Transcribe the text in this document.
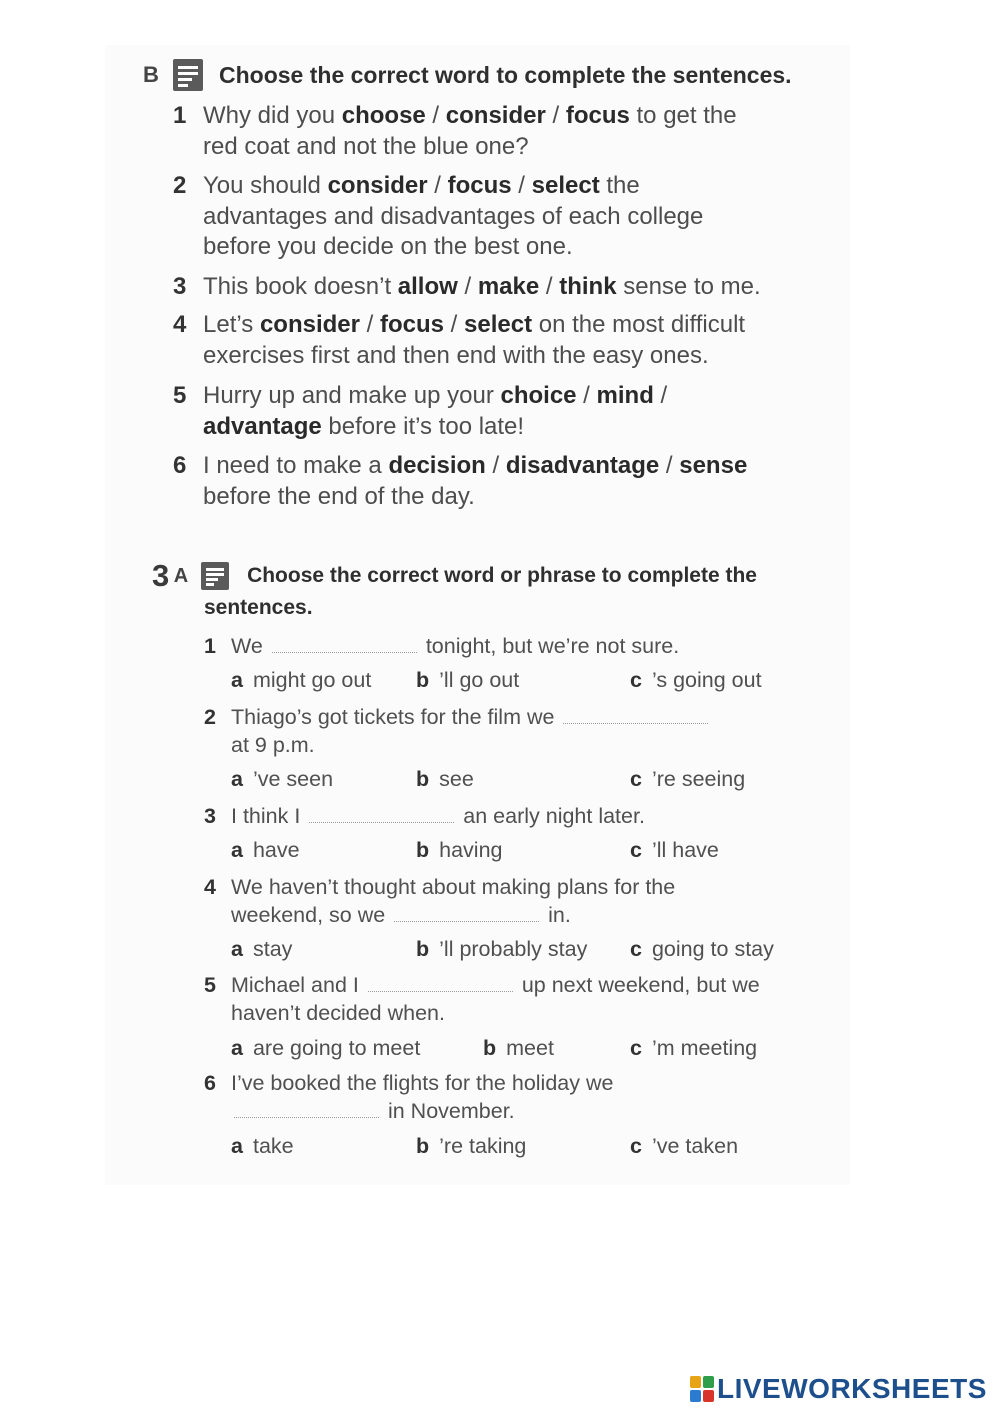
B	Choose the correct word to complete the sentences.
1 Why did you choose / consider / focus to get the
red coat and not the blue one?
2 You should consider / focus / select the
advantages and disadvantages of each college
before you decide on the best one.
3 This book doesn’t allow / make / think sense to me.
4 Let’s consider / focus / select on the most difficult
exercises first and then end with the easy ones.
5 Hurry up and make up your choice / mind /
advantage before it’s too late!
6 I need to make a decision / disadvantage / sense
before the end of the day.
3 A	Choose the correct word or phrase to complete the
sentences.
1 We	tonight, but we’re not sure.
a might go out b ’ll go out	c ’s going out
2 Thiago’s got tickets for the film we
at 9 p.m.
a ’ve seen	b see	c ’re seeing
3 I think I	an early night later.
a have	b having	c ’ll have
4 We haven’t thought about making plans for the
weekend, so we	in.
a stay	b ’ll probably stay c going to stay
5 Michael and I	up next weekend, but we
haven’t decided when.
a are going to meet	b meet	c ’m meeting
6 I’ve booked the flights for the holiday we
in November.
a take	b ’re taking	c ’ve taken
LIVEWORKSHEETS
